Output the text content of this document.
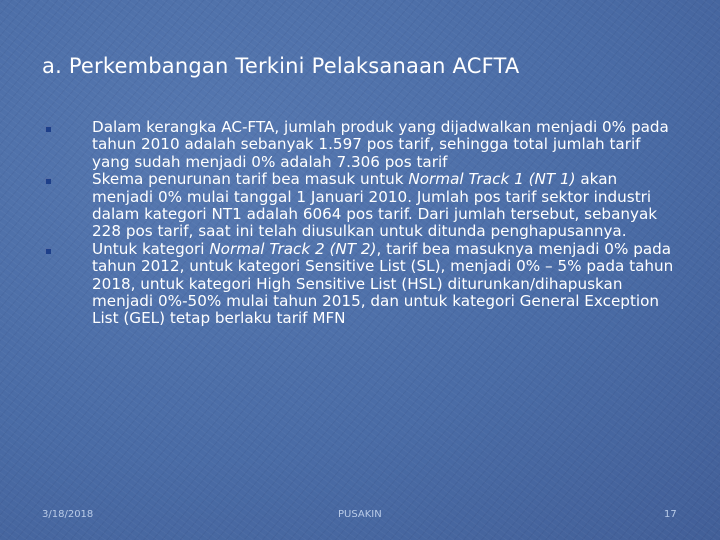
a. Perkembangan Terkini Pelaksanaan ACFTA
Dalam kerangka AC-FTA, jumlah produk yang dijadwalkan menjadi 0% pada tahun 2010 adalah sebanyak 1.597 pos tarif, sehingga total jumlah tarif yang sudah menjadi 0% adalah 7.306 pos tarif
Skema penurunan tarif bea masuk untuk Normal Track 1 (NT 1) akan menjadi 0% mulai tanggal 1 Januari 2010. Jumlah pos tarif sektor industri dalam kategori NT1 adalah 6064 pos tarif. Dari jumlah tersebut, sebanyak 228 pos tarif, saat ini telah diusulkan untuk ditunda penghapusannya.
Untuk kategori Normal Track 2 (NT 2), tarif bea masuknya menjadi 0% pada tahun 2012, untuk kategori Sensitive List (SL), menjadi 0% – 5% pada tahun 2018, untuk kategori High Sensitive List (HSL) diturunkan/dihapuskan menjadi 0%-50% mulai tahun 2015, dan untuk kategori General Exception List (GEL) tetap berlaku tarif MFN
3/18/2018	PUSAKIN	17
